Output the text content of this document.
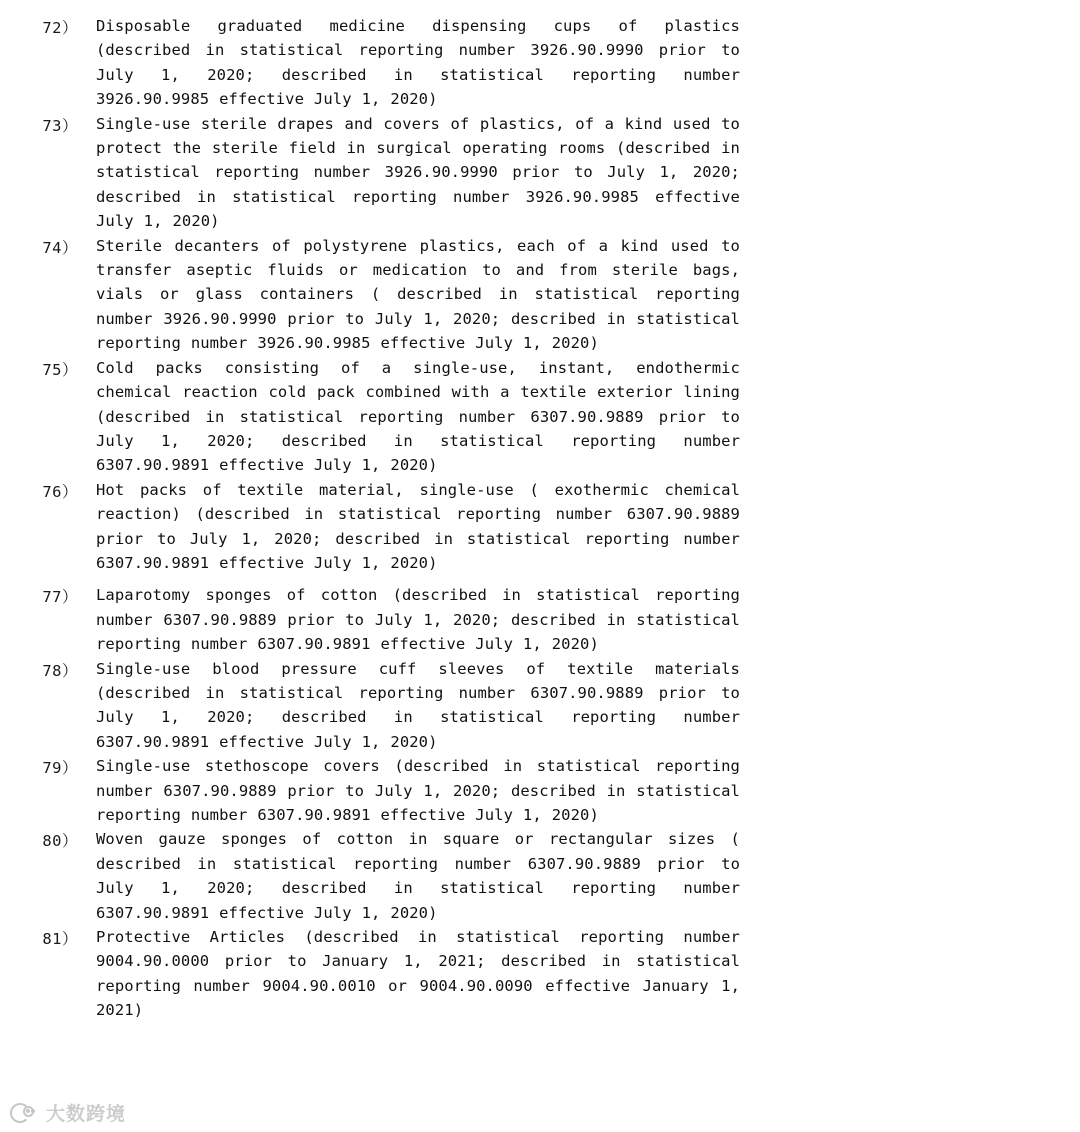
72） Disposable graduated medicine dispensing cups of plastics (described in statistical reporting number 3926.90.9990 prior to July 1, 2020; described in statistical reporting number 3926.90.9985 effective July 1, 2020)
73） Single-use sterile drapes and covers of plastics, of a kind used to protect the sterile field in surgical operating rooms (described in statistical reporting number 3926.90.9990 prior to July 1, 2020; described in statistical reporting number 3926.90.9985 effective July 1, 2020)
74） Sterile decanters of polystyrene plastics, each of a kind used to transfer aseptic fluids or medication to and from sterile bags, vials or glass containers ( described in statistical reporting number 3926.90.9990 prior to July 1, 2020; described in statistical reporting number 3926.90.9985 effective July 1, 2020)
75） Cold packs consisting of a single-use, instant, endothermic chemical reaction cold pack combined with a textile exterior lining (described in statistical reporting number 6307.90.9889 prior to July 1, 2020; described in statistical reporting number 6307.90.9891 effective July 1, 2020)
76） Hot packs of textile material, single-use ( exothermic chemical reaction) (described in statistical reporting number 6307.90.9889 prior to July 1, 2020; described in statistical reporting number 6307.90.9891 effective July 1, 2020)
77） Laparotomy sponges of cotton (described in statistical reporting number 6307.90.9889 prior to July 1, 2020; described in statistical reporting number 6307.90.9891 effective July 1, 2020)
78） Single-use blood pressure cuff sleeves of textile materials (described in statistical reporting number 6307.90.9889 prior to July 1, 2020; described in statistical reporting number 6307.90.9891 effective July 1, 2020)
79） Single-use stethoscope covers (described in statistical reporting number 6307.90.9889 prior to July 1, 2020; described in statistical reporting number 6307.90.9891 effective July 1, 2020)
80） Woven gauze sponges of cotton in square or rectangular sizes ( described in statistical reporting number 6307.90.9889 prior to July 1, 2020; described in statistical reporting number 6307.90.9891 effective July 1, 2020)
81） Protective Articles (described in statistical reporting number 9004.90.0000 prior to January 1, 2021; described in statistical reporting number 9004.90.0010 or 9004.90.0090 effective January 1, 2021)
大数跨境
